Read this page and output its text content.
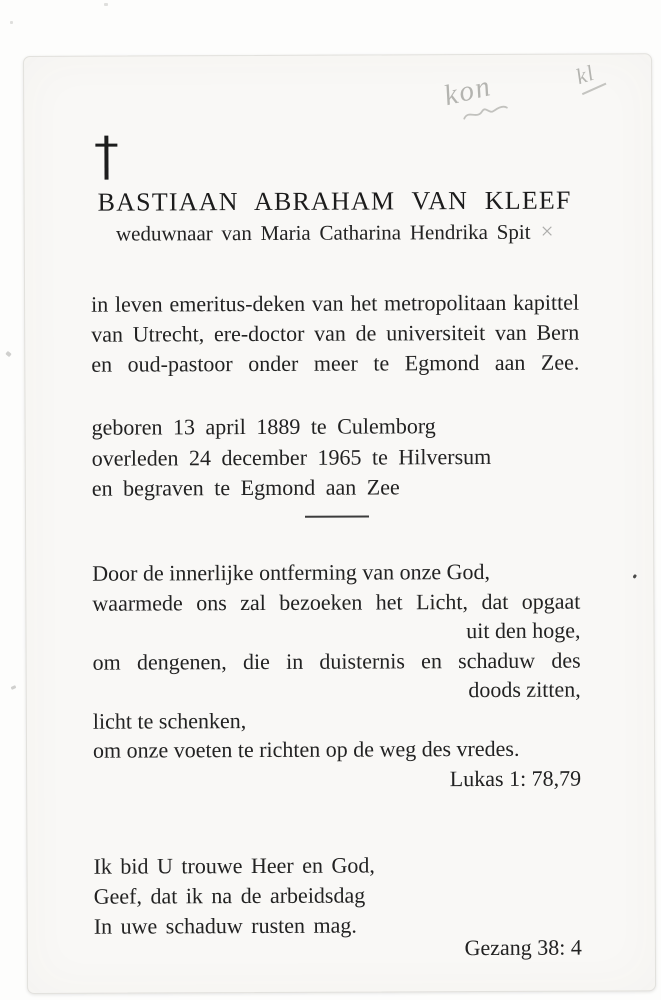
kon	kl
BASTIAAN ABRAHAM VAN KLEEF
weduwnaar van Maria Catharina Hendrika Spit ×
in leven emeritus-deken van het metropolitaan kapittel
van Utrecht, ere-doctor van de universiteit van Bern
en oud-pastoor onder meer te Egmond aan Zee.
geboren 13 april 1889 te Culemborg
overleden 24 december 1965 te Hilversum
en begraven te Egmond aan Zee
Door de innerlijke ontferming van onze God,
waarmede ons zal bezoeken het Licht, dat opgaat
uit den hoge,
om dengenen, die in duisternis en schaduw des
doods zitten,
licht te schenken,
om onze voeten te richten op de weg des vredes.
Lukas 1: 78,79
Ik bid U trouwe Heer en God,
Geef, dat ik na de arbeidsdag
In uwe schaduw rusten mag.
Gezang 38: 4
